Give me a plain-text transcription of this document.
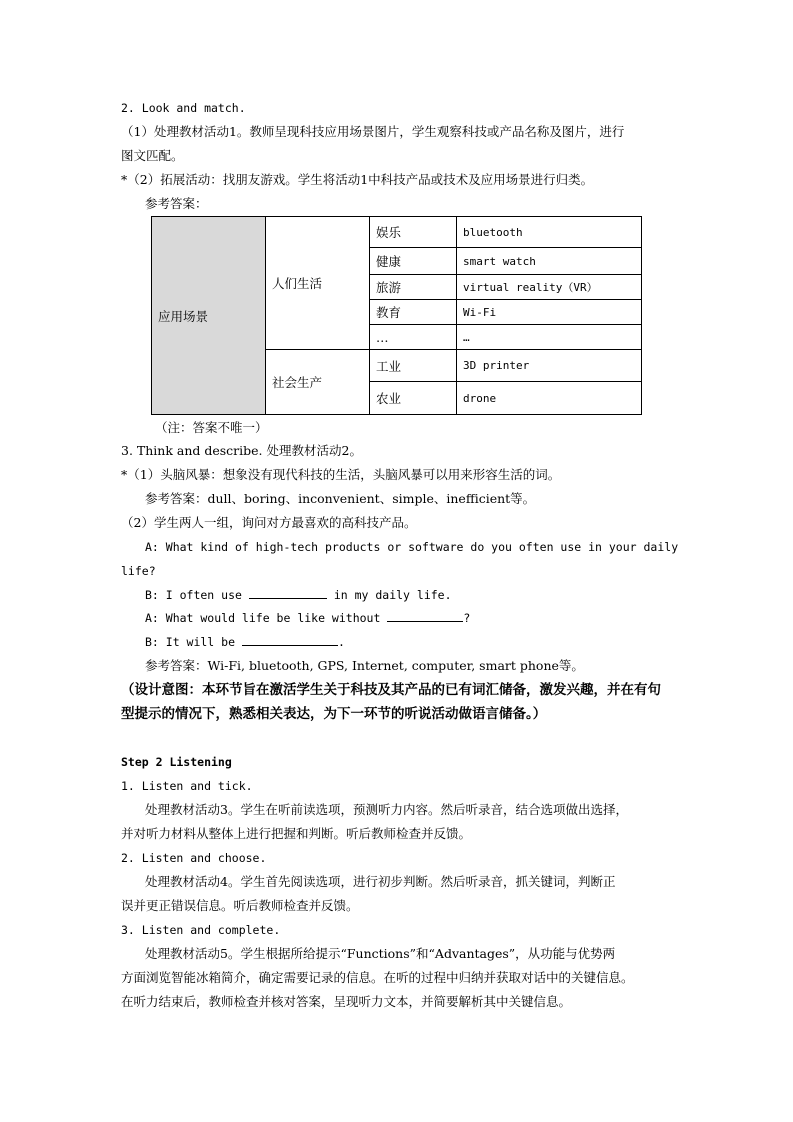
2. Look and match.
（1）处理教材活动1。教师呈现科技应用场景图片，学生观察科技或产品名称及图片，进行
图文匹配。
*（2）拓展活动：找朋友游戏。学生将活动1中科技产品或技术及应用场景进行归类。
参考答案：
应用场景	人们生活	娱乐	bluetooth
		健康	smart watch
		旅游	virtual reality（VR）
		教育	Wi-Fi
		…	…
	社会生产	工业	3D printer
		农业	drone
（注：答案不唯一）
3. Think and describe. 处理教材活动2。
*（1）头脑风暴：想象没有现代科技的生活，头脑风暴可以用来形容生活的词。
参考答案：dull、boring、inconvenient、simple、inefficient等。
（2）学生两人一组，询问对方最喜欢的高科技产品。
A: What kind of high-tech products or software do you often use in your daily
life?
B: I often use	in my daily life.
A: What would life be like without	?
B: It will be	.
参考答案：Wi-Fi, bluetooth, GPS, Internet, computer, smart phone等。
（设计意图：本环节旨在激活学生关于科技及其产品的已有词汇储备，激发兴趣，并在有句
型提示的情况下，熟悉相关表达，为下一环节的听说活动做语言储备。）
Step 2 Listening
1. Listen and tick.
处理教材活动3。学生在听前读选项，预测听力内容。然后听录音，结合选项做出选择，
并对听力材料从整体上进行把握和判断。听后教师检查并反馈。
2. Listen and choose.
处理教材活动4。学生首先阅读选项，进行初步判断。然后听录音，抓关键词，判断正
误并更正错误信息。听后教师检查并反馈。
3. Listen and complete.
处理教材活动5。学生根据所给提示“Functions”和“Advantages”，从功能与优势两
方面浏览智能冰箱简介，确定需要记录的信息。在听的过程中归纳并获取对话中的关键信息。
在听力结束后，教师检查并核对答案，呈现听力文本，并简要解析其中关键信息。
